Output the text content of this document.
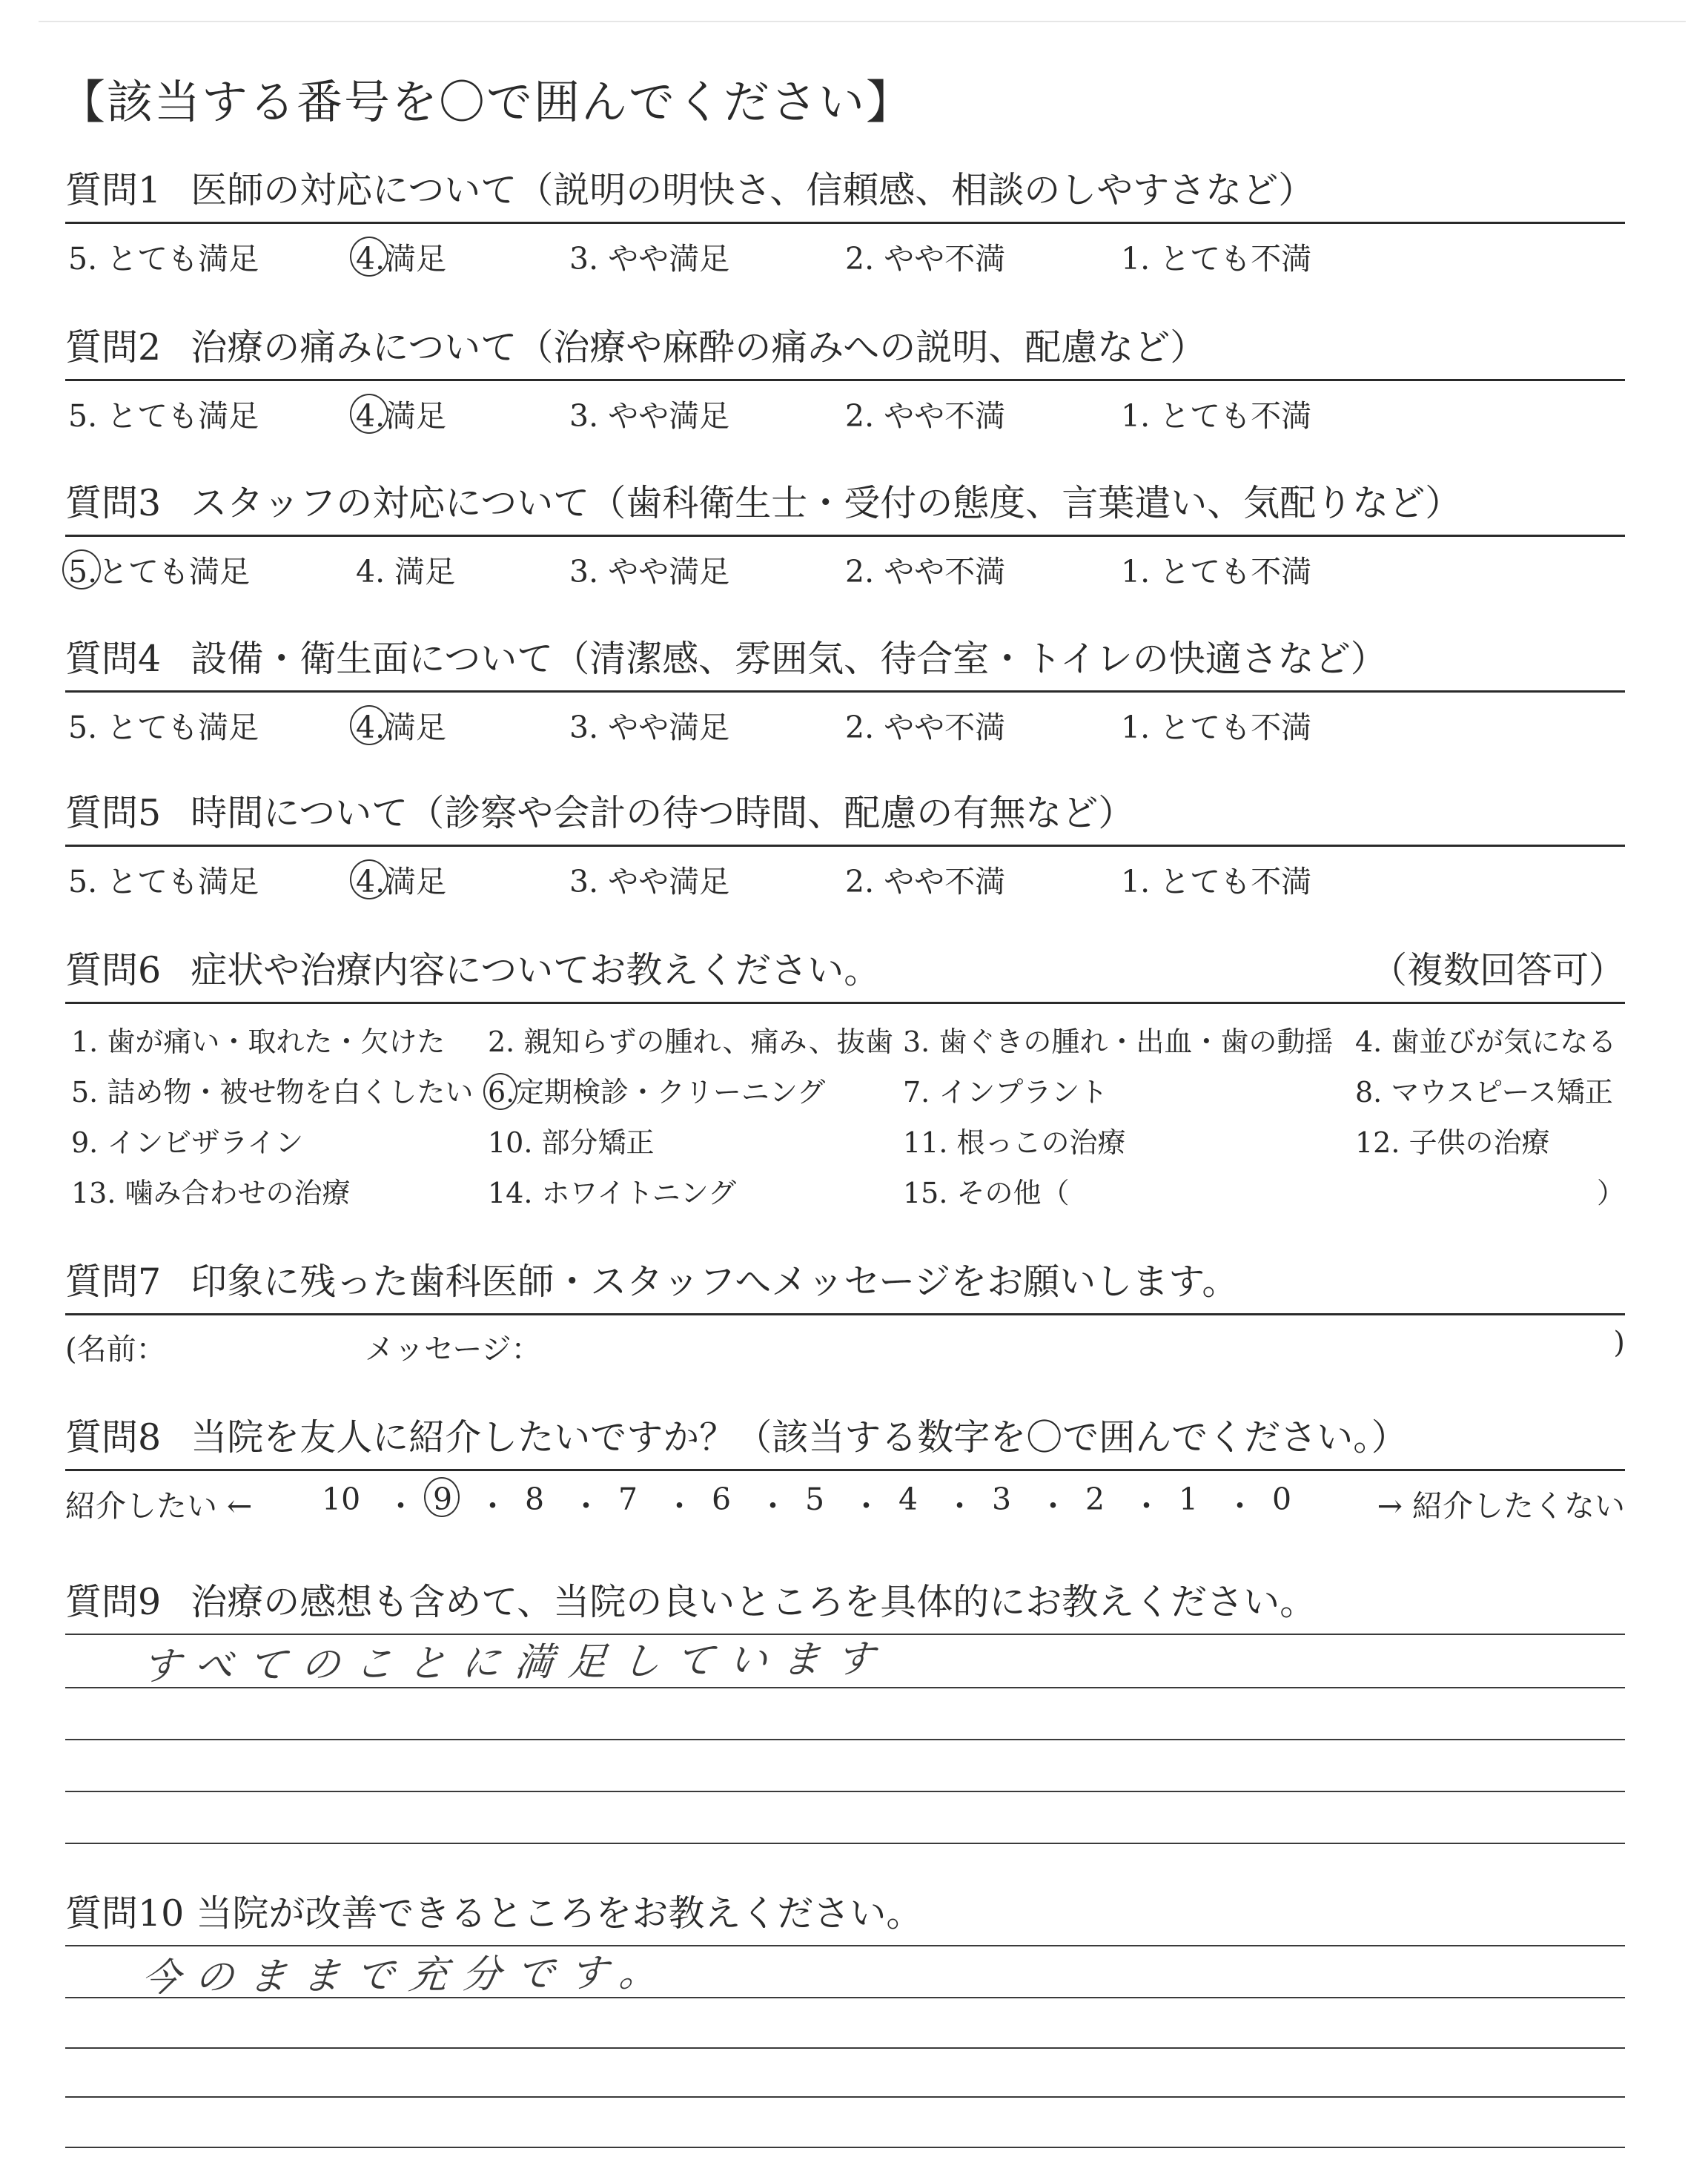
【該当する番号を〇で囲んでください】
質問1 医師の対応について（説明の明快さ、信頼感、相談のしやすさなど）
5. とても満足	4.満足	3. やや満足	2. やや不満	1. とても不満
質問2 治療の痛みについて（治療や麻酔の痛みへの説明、配慮など）
5. とても満足	4.満足	3. やや満足	2. やや不満	1. とても不満
質問3 スタッフの対応について（歯科衛生士・受付の態度、言葉遣い、気配りなど）
5.とても満足	4. 満足	3. やや満足	2. やや不満	1. とても不満
質問4 設備・衛生面について（清潔感、雰囲気、待合室・トイレの快適さなど）
5. とても満足	4.満足	3. やや満足	2. やや不満	1. とても不満
質問5 時間について（診察や会計の待つ時間、配慮の有無など）
5. とても満足	4.満足	3. やや満足	2. やや不満	1. とても不満
質問6 症状や治療内容についてお教えください。	（複数回答可）
1. 歯が痛い・取れた・欠けた 2. 親知らずの腫れ、痛み、抜歯 3. 歯ぐきの腫れ・出血・歯の動揺 4. 歯並びが気になる
5. 詰め物・被せ物を白くしたい 6.定期検診・クリーニング	7. インプラント	8. マウスピース矯正
9. インビザライン	10. 部分矯正	11. 根っこの治療	12. 子供の治療
13. 噛み合わせの治療	14. ホワイトニング	15. その他（	）
質問7 印象に残った歯科医師・スタッフへメッセージをお願いします。
(名前：	メッセージ：	)
質問8 当院を友人に紹介したいですか？（該当する数字を〇で囲んでください。）
紹介したい ← 10 ・ 9 ・ 8 ・ 7 ・ 6 ・ 5 ・ 4 ・ 3 ・ 2 ・ 1 ・ 0	→ 紹介したくない
質問9 治療の感想も含めて、当院の良いところを具体的にお教えください。
すべてのことに満足しています
質問10 当院が改善できるところをお教えください。
今のままで充分です。
